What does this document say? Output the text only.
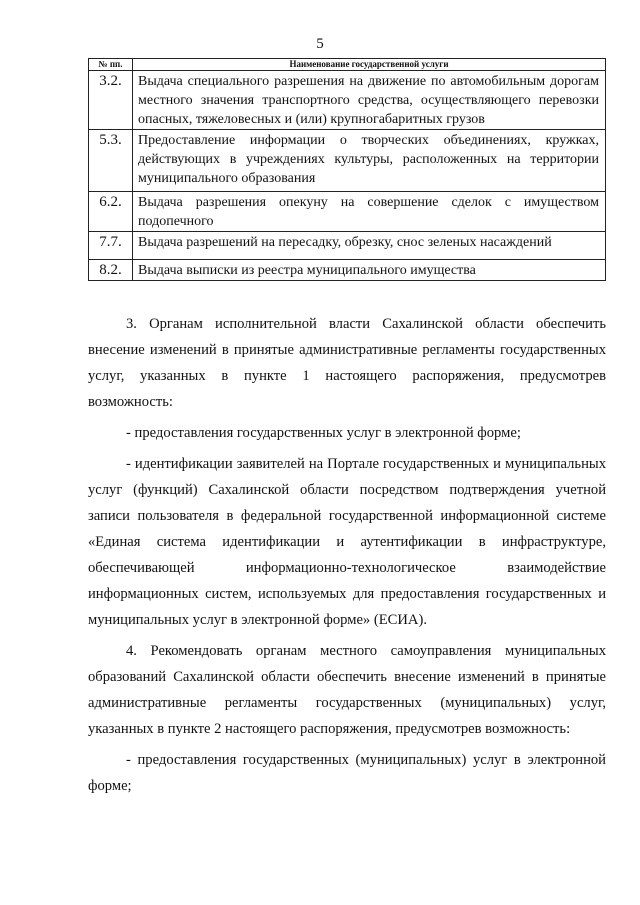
5
№ пп.	Наименование государственной услуги
3.2.	Выдача специального разрешения на движение по автомобильным дорогам местного значения транспортного средства, осуществляющего перевозки опасных, тяжеловесных и (или) крупногабаритных грузов
5.3.	Предоставление информации о творческих объединениях, кружках, действующих в учреждениях культуры, расположенных на территории муниципального образования
6.2.	Выдача разрешения опекуну на совершение сделок с имуществом подопечного
7.7.	Выдача разрешений на пересадку, обрезку, снос зеленых насаждений
8.2.	Выдача выписки из реестра муниципального имущества

3. Органам исполнительной власти Сахалинской области обеспечить внесение изменений в принятые административные регламенты государственных услуг, указанных в пункте 1 настоящего распоряжения, предусмотрев возможность:

- предоставления государственных услуг в электронной форме;

- идентификации заявителей на Портале государственных и муниципальных услуг (функций) Сахалинской области посредством подтверждения учетной записи пользователя в федеральной государственной информационной системе «Единая система идентификации и аутентификации в инфраструктуре, обеспечивающей информационно-технологическое взаимодействие информационных систем, используемых для предоставления государственных и муниципальных услуг в электронной форме» (ЕСИА).

4. Рекомендовать органам местного самоуправления муниципальных образований Сахалинской области обеспечить внесение изменений в принятые административные регламенты государственных (муниципальных) услуг, указанных в пункте 2 настоящего распоряжения, предусмотрев возможность:

- предоставления государственных (муниципальных) услуг в электронной форме;
